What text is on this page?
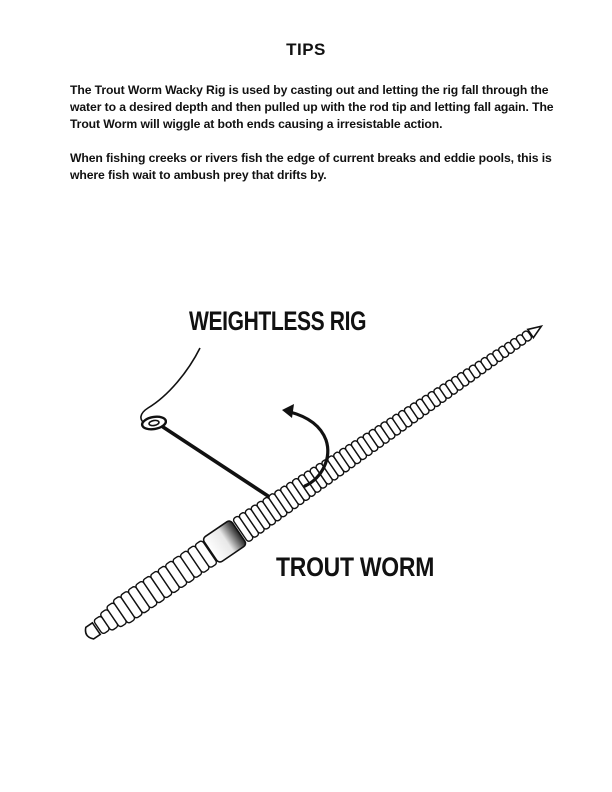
TIPS
The Trout Worm Wacky Rig is used by casting out and letting the rig fall through the water to a desired depth and then pulled up with the rod tip and letting fall again. The Trout Worm will wiggle at both ends causing a irresistable action.
When fishing creeks or rivers fish the edge of current breaks and eddie pools, this is where fish wait to ambush prey that drifts by.
WEIGHTLESS RIG
TROUT WORM
